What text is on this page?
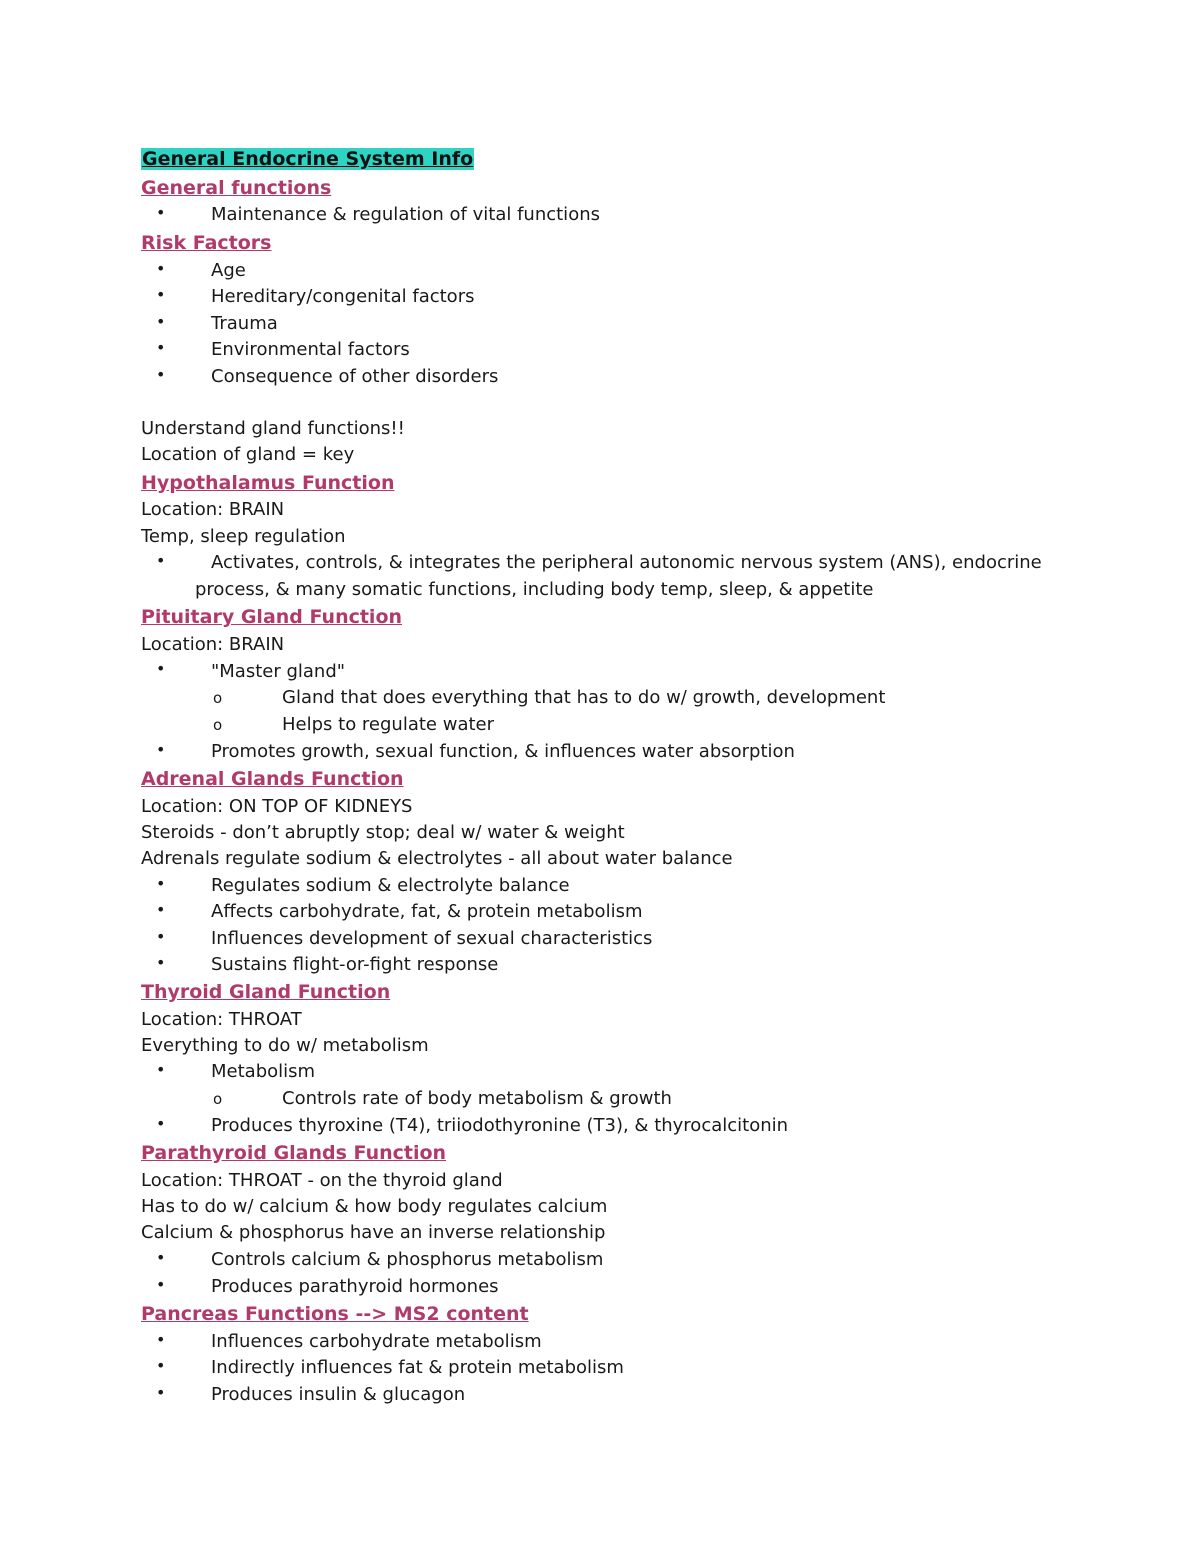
General Endocrine System Info
General functions
•	Maintenance & regulation of vital functions
Risk Factors
•	Age
•	Hereditary/congenital factors
•	Trauma
•	Environmental factors
•	Consequence of other disorders
Understand gland functions!!
Location of gland = key
Hypothalamus Function
Location: BRAIN
Temp, sleep regulation
•	Activates, controls, & integrates the peripheral autonomic nervous system (ANS), endocrine
process, & many somatic functions, including body temp, sleep, & appetite
Pituitary Gland Function
Location: BRAIN
•	"Master gland"
o	Gland that does everything that has to do w/ growth, development
o	Helps to regulate water
•	Promotes growth, sexual function, & influences water absorption
Adrenal Glands Function
Location: ON TOP OF KIDNEYS
Steroids - don’t abruptly stop; deal w/ water & weight
Adrenals regulate sodium & electrolytes - all about water balance
•	Regulates sodium & electrolyte balance
•	Affects carbohydrate, fat, & protein metabolism
•	Influences development of sexual characteristics
•	Sustains flight-or-fight response
Thyroid Gland Function
Location: THROAT
Everything to do w/ metabolism
•	Metabolism
o	Controls rate of body metabolism & growth
•	Produces thyroxine (T4), triiodothyronine (T3), & thyrocalcitonin
Parathyroid Glands Function
Location: THROAT - on the thyroid gland
Has to do w/ calcium & how body regulates calcium
Calcium & phosphorus have an inverse relationship
•	Controls calcium & phosphorus metabolism
•	Produces parathyroid hormones
Pancreas Functions --> MS2 content
•	Influences carbohydrate metabolism
•	Indirectly influences fat & protein metabolism
•	Produces insulin & glucagon
